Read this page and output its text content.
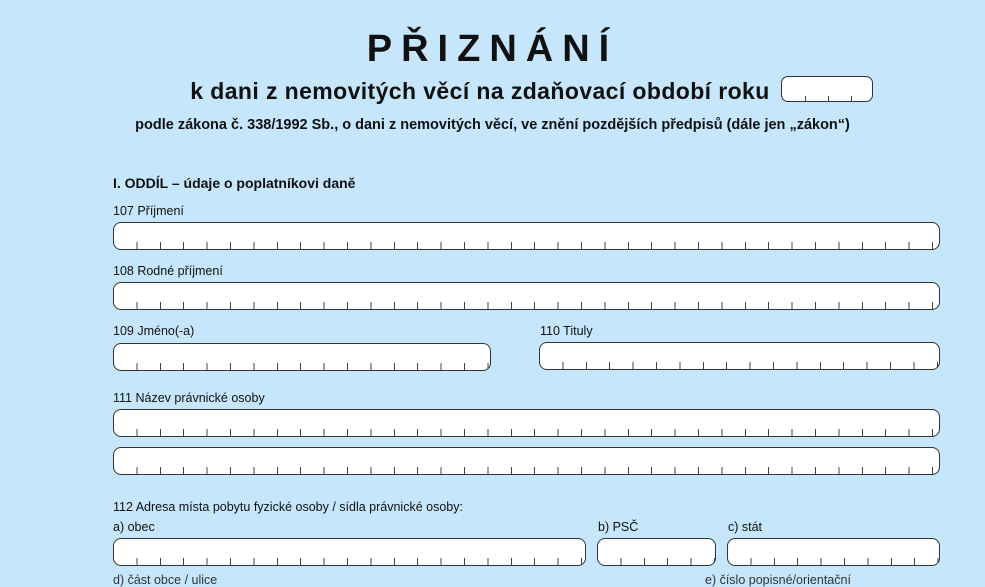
PŘIZNÁNÍ
k dani z nemovitých věcí na zdaňovací období roku
podle zákona č. 338/1992 Sb., o dani z nemovitých věcí, ve znění pozdějších předpisů (dále jen „zákon“)
I. ODDÍL – údaje o poplatníkovi daně
107 Příjmení
108 Rodné příjmení
109 Jméno(-a)	110 Tituly
111 Název právnické osoby
112 Adresa místa pobytu fyzické osoby / sídla právnické osoby:
a) obec	b) PSČ	c) stát
d) část obce / ulice	e) číslo popisné/orientační
